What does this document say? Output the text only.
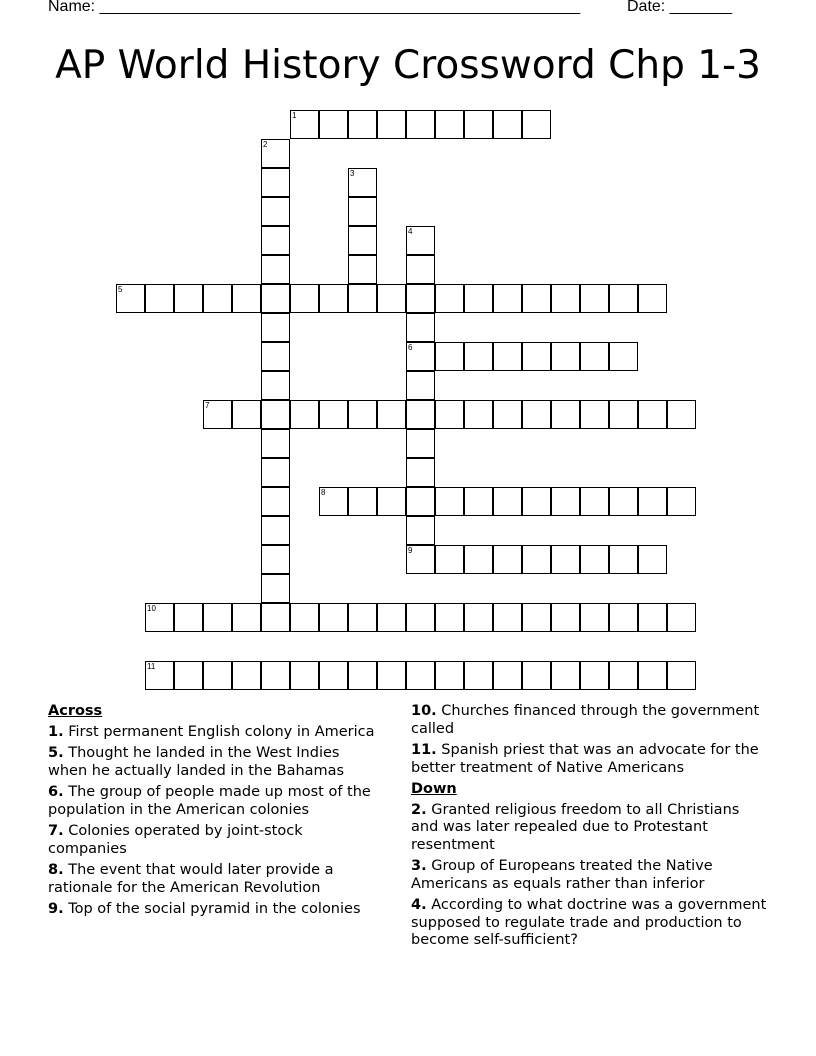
Name: ______________________________________________________	Date: _______
AP World History Crossword Chp 1-3
1
2
3
4
6
9
5
7
8
10
11
Across
1. First permanent English colony in America
5. Thought he landed in the West Indies when he actually landed in the Bahamas
6. The group of people made up most of the population in the American colonies
7. Colonies operated by joint-stock companies
8. The event that would later provide a rationale for the American Revolution
9. Top of the social pyramid in the colonies
10. Churches financed through the government called
11. Spanish priest that was an advocate for the better treatment of Native Americans
Down
2. Granted religious freedom to all Christians and was later repealed due to Protestant resentment
3. Group of Europeans treated the Native Americans as equals rather than inferior
4. According to what doctrine was a government supposed to regulate trade and production to become self-sufficient?
